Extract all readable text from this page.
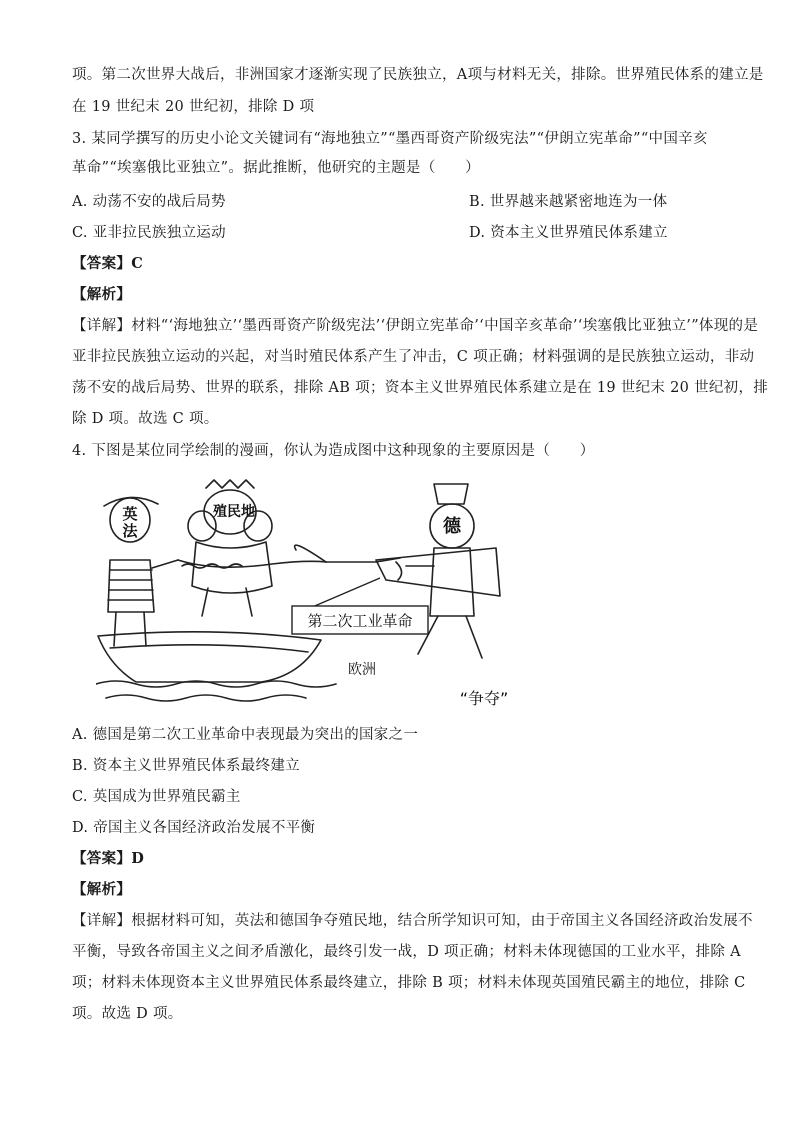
项。第二次世界大战后，非洲国家才逐渐实现了民族独立，A项与材料无关，排除。世界殖民体系的建立是

在 19 世纪末 20 世纪初，排除 D 项

3. 某同学撰写的历史小论文关键词有“海地独立”“墨西哥资产阶级宪法”“伊朗立宪革命”“中国辛亥

革命”“埃塞俄比亚独立”。据此推断，他研究的主题是（　　）

A. 动荡不安的战后局势	B. 世界越来越紧密地连为一体

C. 亚非拉民族独立运动	D. 资本主义世界殖民体系建立

【答案】C

【解析】

【详解】材料“‘海地独立’‘墨西哥资产阶级宪法’‘伊朗立宪革命’‘中国辛亥革命’‘埃塞俄比亚独立’”体现的是

亚非拉民族独立运动的兴起，对当时殖民体系产生了冲击，C 项正确；材料强调的是民族独立运动，非动

荡不安的战后局势、世界的联系，排除 AB 项；资本主义世界殖民体系建立是在 19 世纪末 20 世纪初，排

除 D 项。故选 C 项。

4. 下图是某位同学绘制的漫画，你认为造成图中这种现象的主要原因是（　　）

第二次工业革命
英
法
殖民地
德
欧洲
“争夺”

A. 德国是第二次工业革命中表现最为突出的国家之一

B. 资本主义世界殖民体系最终建立

C. 英国成为世界殖民霸主

D. 帝国主义各国经济政治发展不平衡

【答案】D

【解析】

【详解】根据材料可知，英法和德国争夺殖民地，结合所学知识可知，由于帝国主义各国经济政治发展不

平衡，导致各帝国主义之间矛盾激化，最终引发一战，D 项正确；材料未体现德国的工业水平，排除 A

项；材料未体现资本主义世界殖民体系最终建立，排除 B 项；材料未体现英国殖民霸主的地位，排除 C

项。故选 D 项。
